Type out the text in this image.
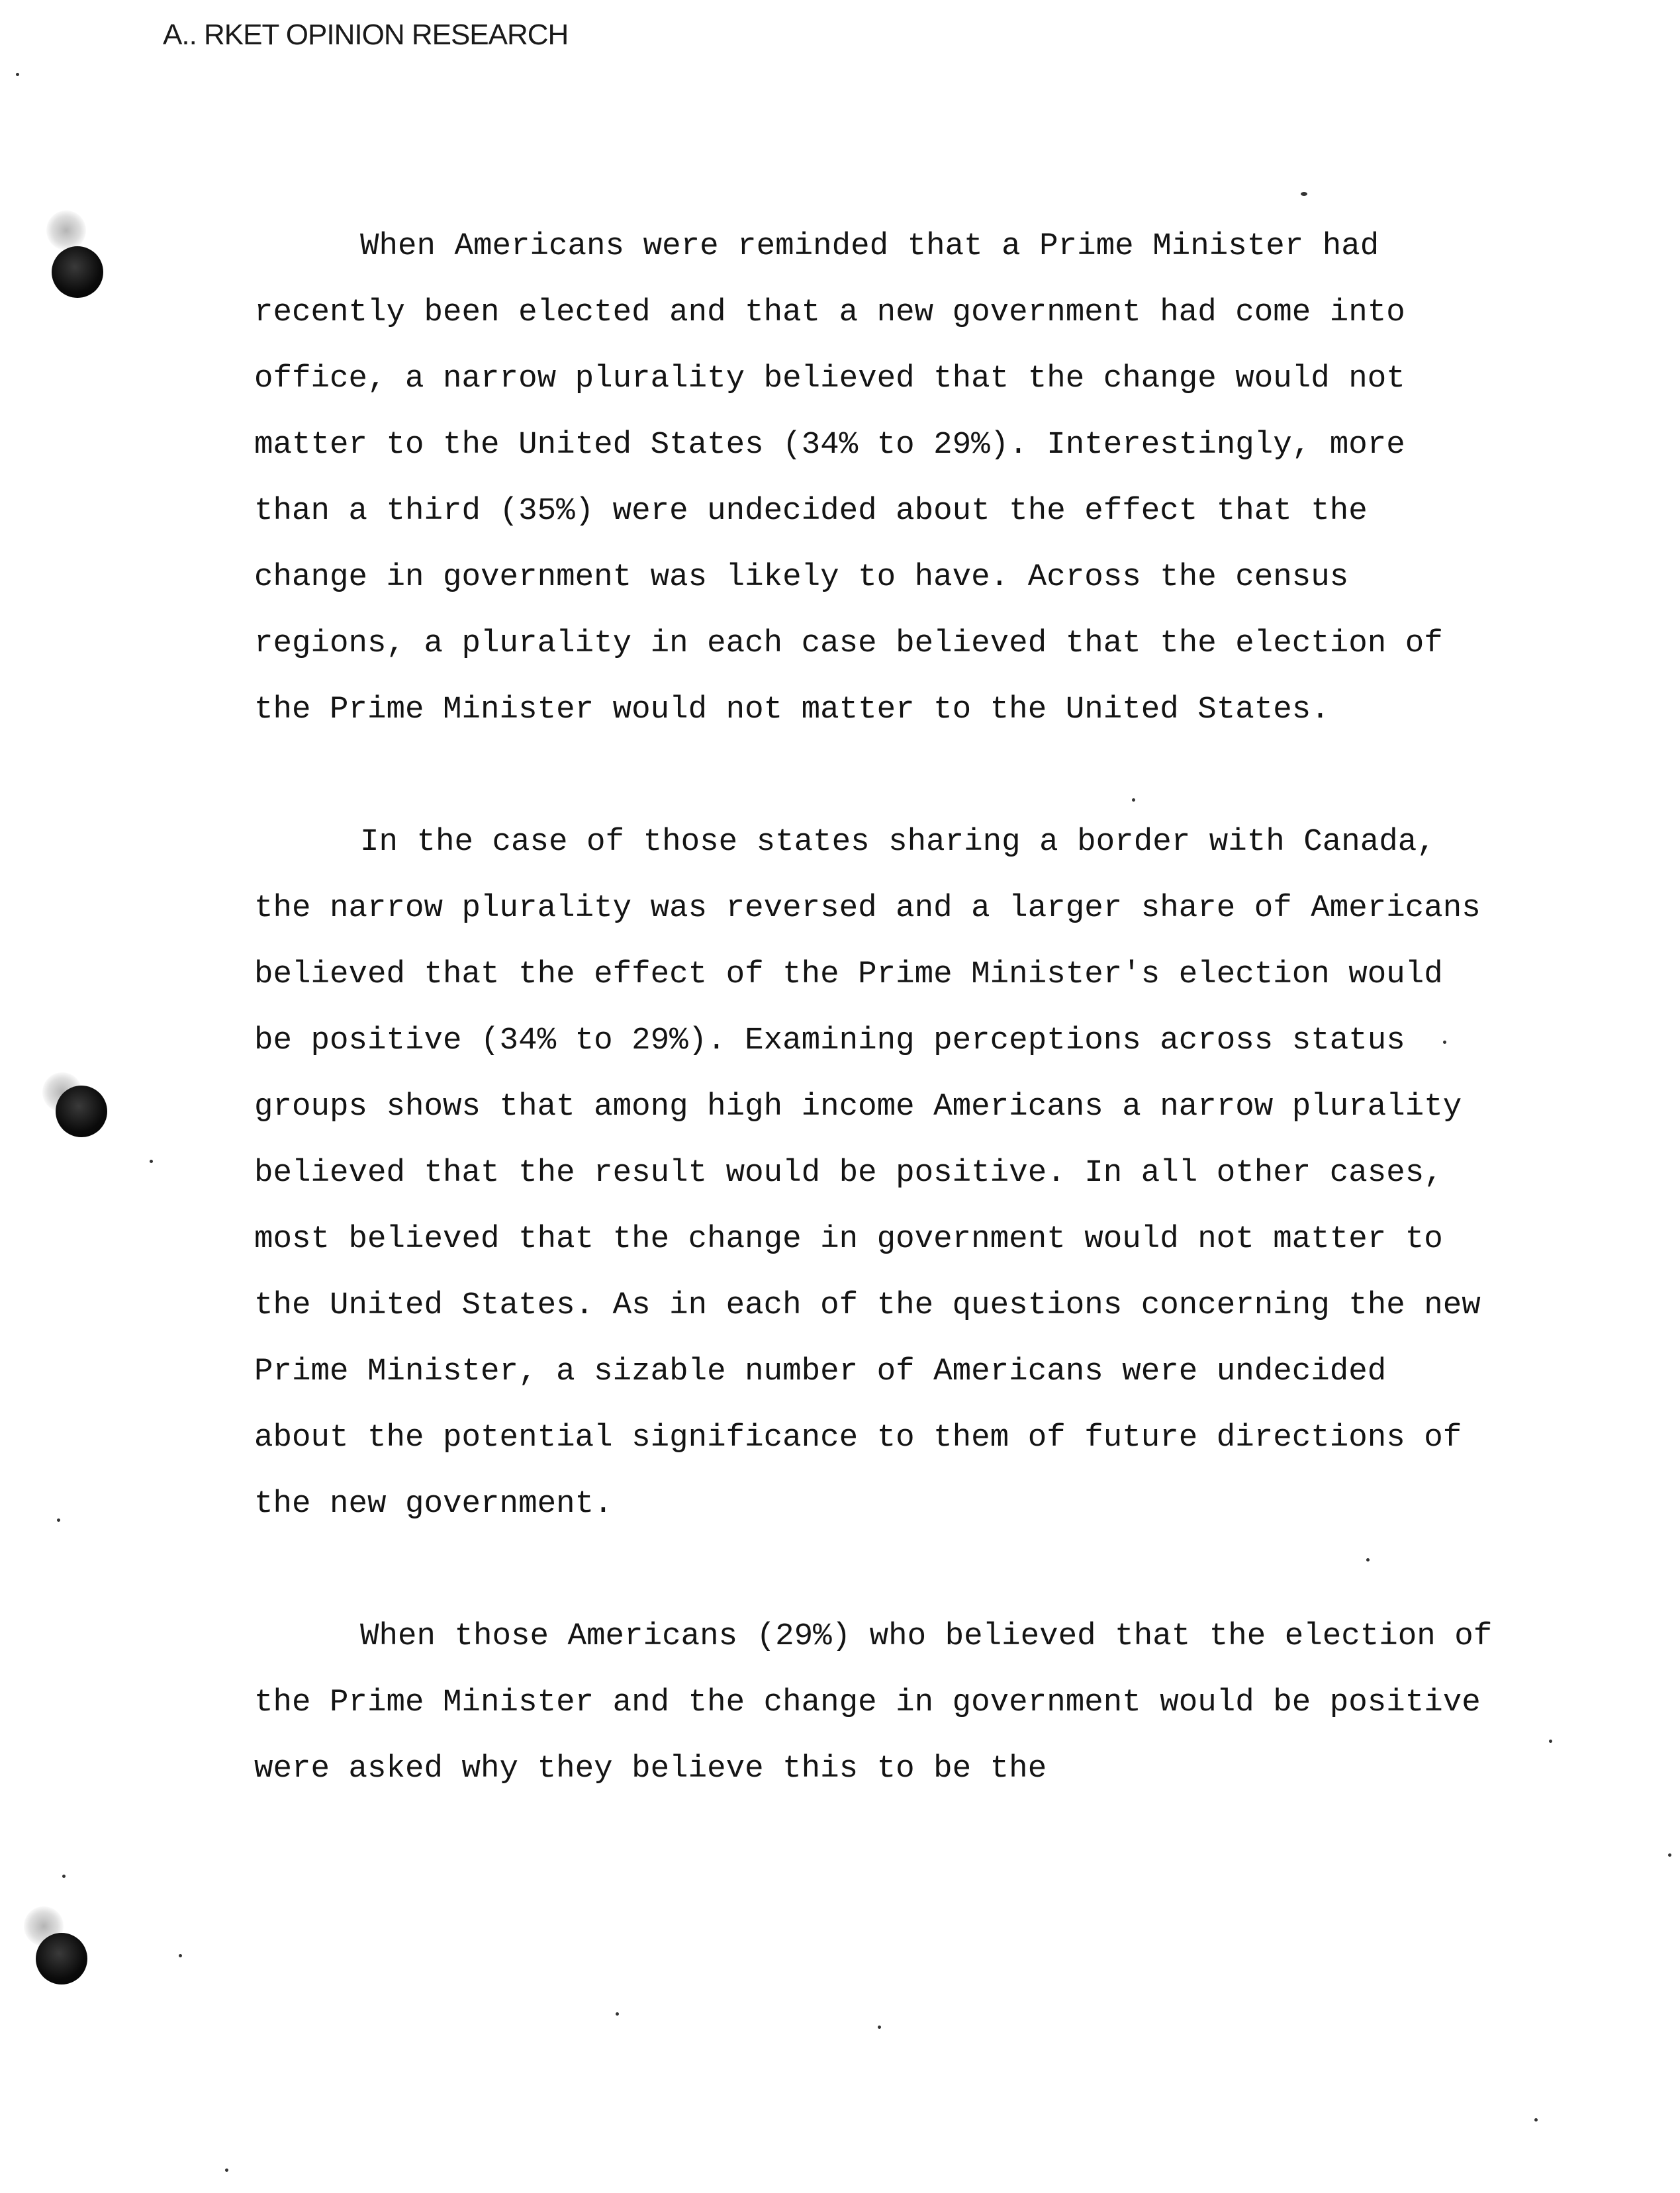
A.. RKET OPINION RESEARCH

When Americans were reminded that a Prime Minister had recently been elected and that a new government had come into office, a narrow plurality believed that the change would not matter to the United States (34% to 29%). Interestingly, more than a third (35%) were undecided about the effect that the change in government was likely to have. Across the census regions, a plurality in each case believed that the election of the Prime Minister would not matter to the United States.

In the case of those states sharing a border with Canada, the narrow plurality was reversed and a larger share of Americans believed that the effect of the Prime Minister's election would be positive (34% to 29%). Examining perceptions across status groups shows that among high income Americans a narrow plurality believed that the result would be positive. In all other cases, most believed that the change in government would not matter to the United States. As in each of the questions concerning the new Prime Minister, a sizable number of Americans were undecided about the potential significance to them of future directions of the new government.

When those Americans (29%) who believed that the election of the Prime Minister and the change in government would be positive were asked why they believe this to be the
